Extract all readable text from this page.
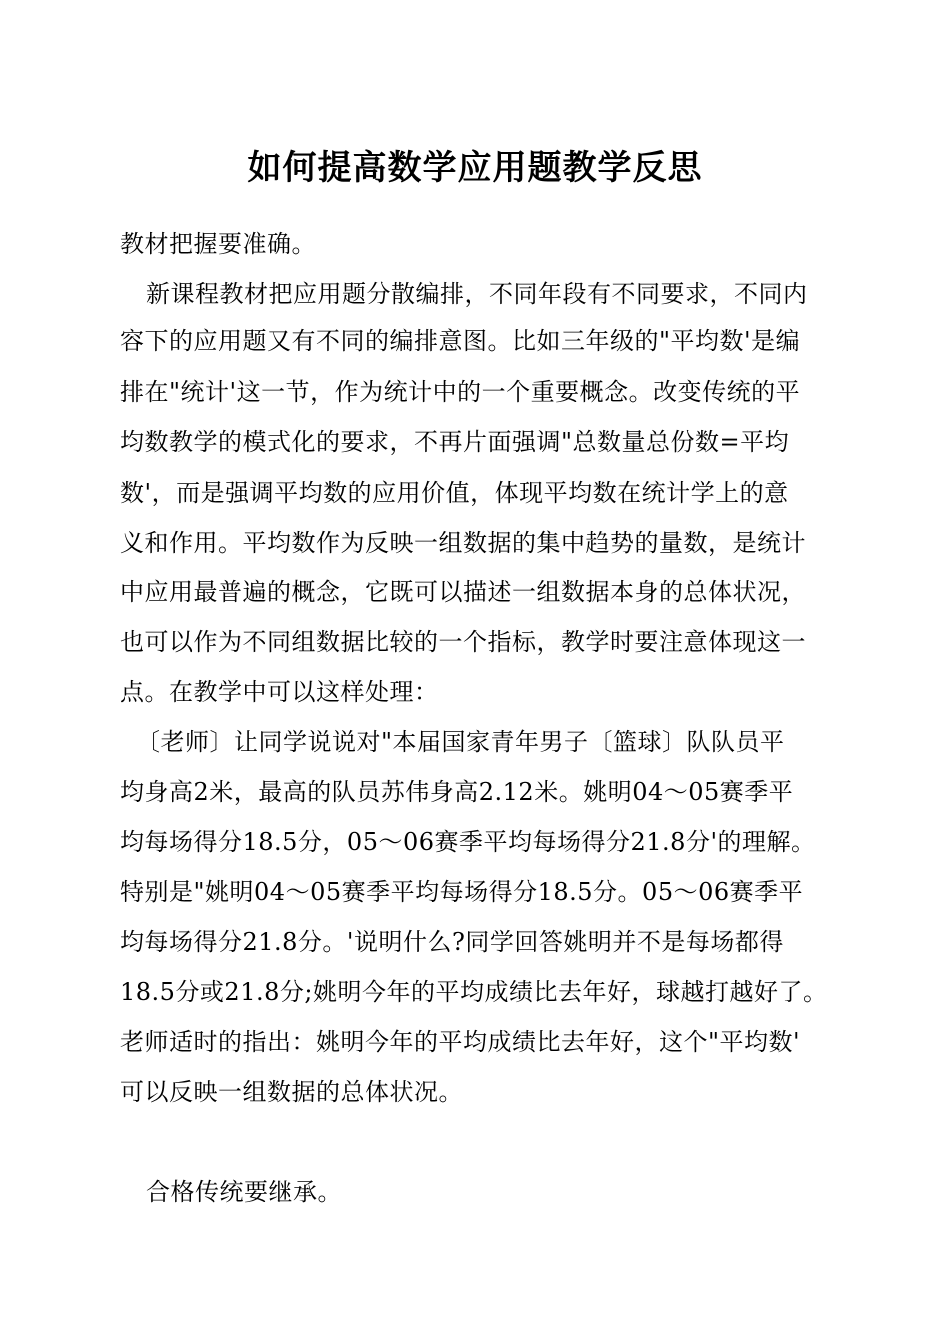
如何提高数学应用题教学反思

教材把握要准确。

新课程教材把应用题分散编排，不同年段有不同要求，不同内

容下的应用题又有不同的编排意图。比如三年级的"平均数'是编

排在"统计'这一节，作为统计中的一个重要概念。改变传统的平

均数教学的模式化的要求，不再片面强调"总数量总份数=平均

数'，而是强调平均数的应用价值，体现平均数在统计学上的意

义和作用。平均数作为反映一组数据的集中趋势的量数，是统计

中应用最普遍的概念，它既可以描述一组数据本身的总体状况，

也可以作为不同组数据比较的一个指标，教学时要注意体现这一

点。在教学中可以这样处理：

〔老师〕让同学说说对"本届国家青年男子〔篮球〕队队员平

均身高2米，最高的队员苏伟身高2.12米。姚明04～05赛季平

均每场得分18.5分，05～06赛季平均每场得分21.8分'的理解。

特别是"姚明04～05赛季平均每场得分18.5分。05～06赛季平

均每场得分21.8分。'说明什么?同学回答姚明并不是每场都得

18.5分或21.8分;姚明今年的平均成绩比去年好，球越打越好了。

老师适时的指出：姚明今年的平均成绩比去年好，这个"平均数'

可以反映一组数据的总体状况。

合格传统要继承。
